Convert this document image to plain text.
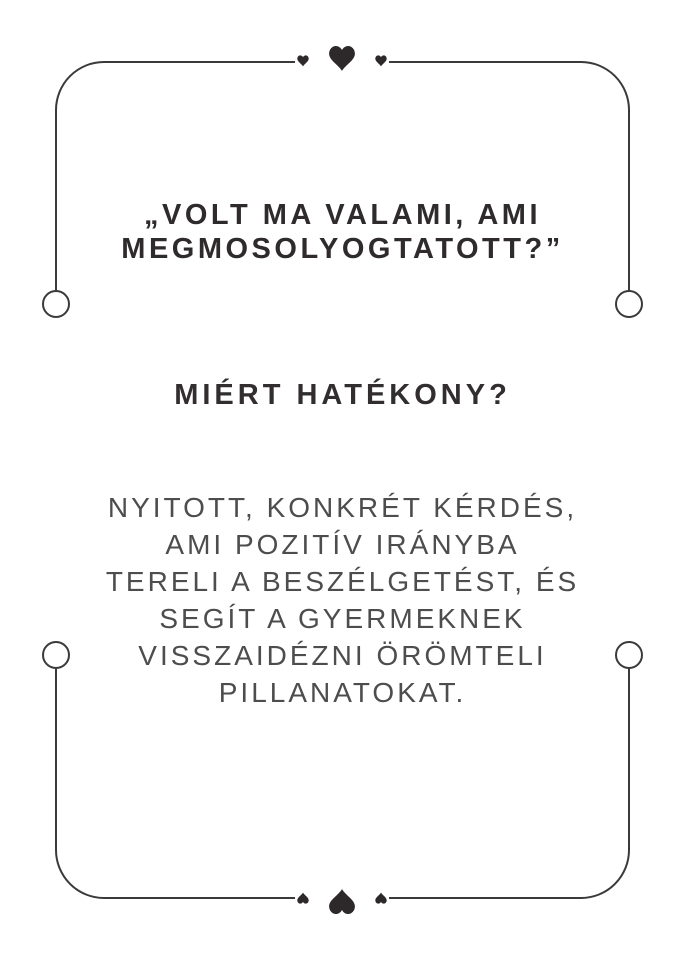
„VOLT MA VALAMI, AMI
MEGMOSOLYOGTATOTT?”
MIÉRT HATÉKONY?
NYITOTT, KONKRÉT KÉRDÉS,
AMI POZITÍV IRÁNYBA
TERELI A BESZÉLGETÉST, ÉS
SEGÍT A GYERMEKNEK
VISSZAIDÉZNI ÖRÖMTELI
PILLANATOKAT.
